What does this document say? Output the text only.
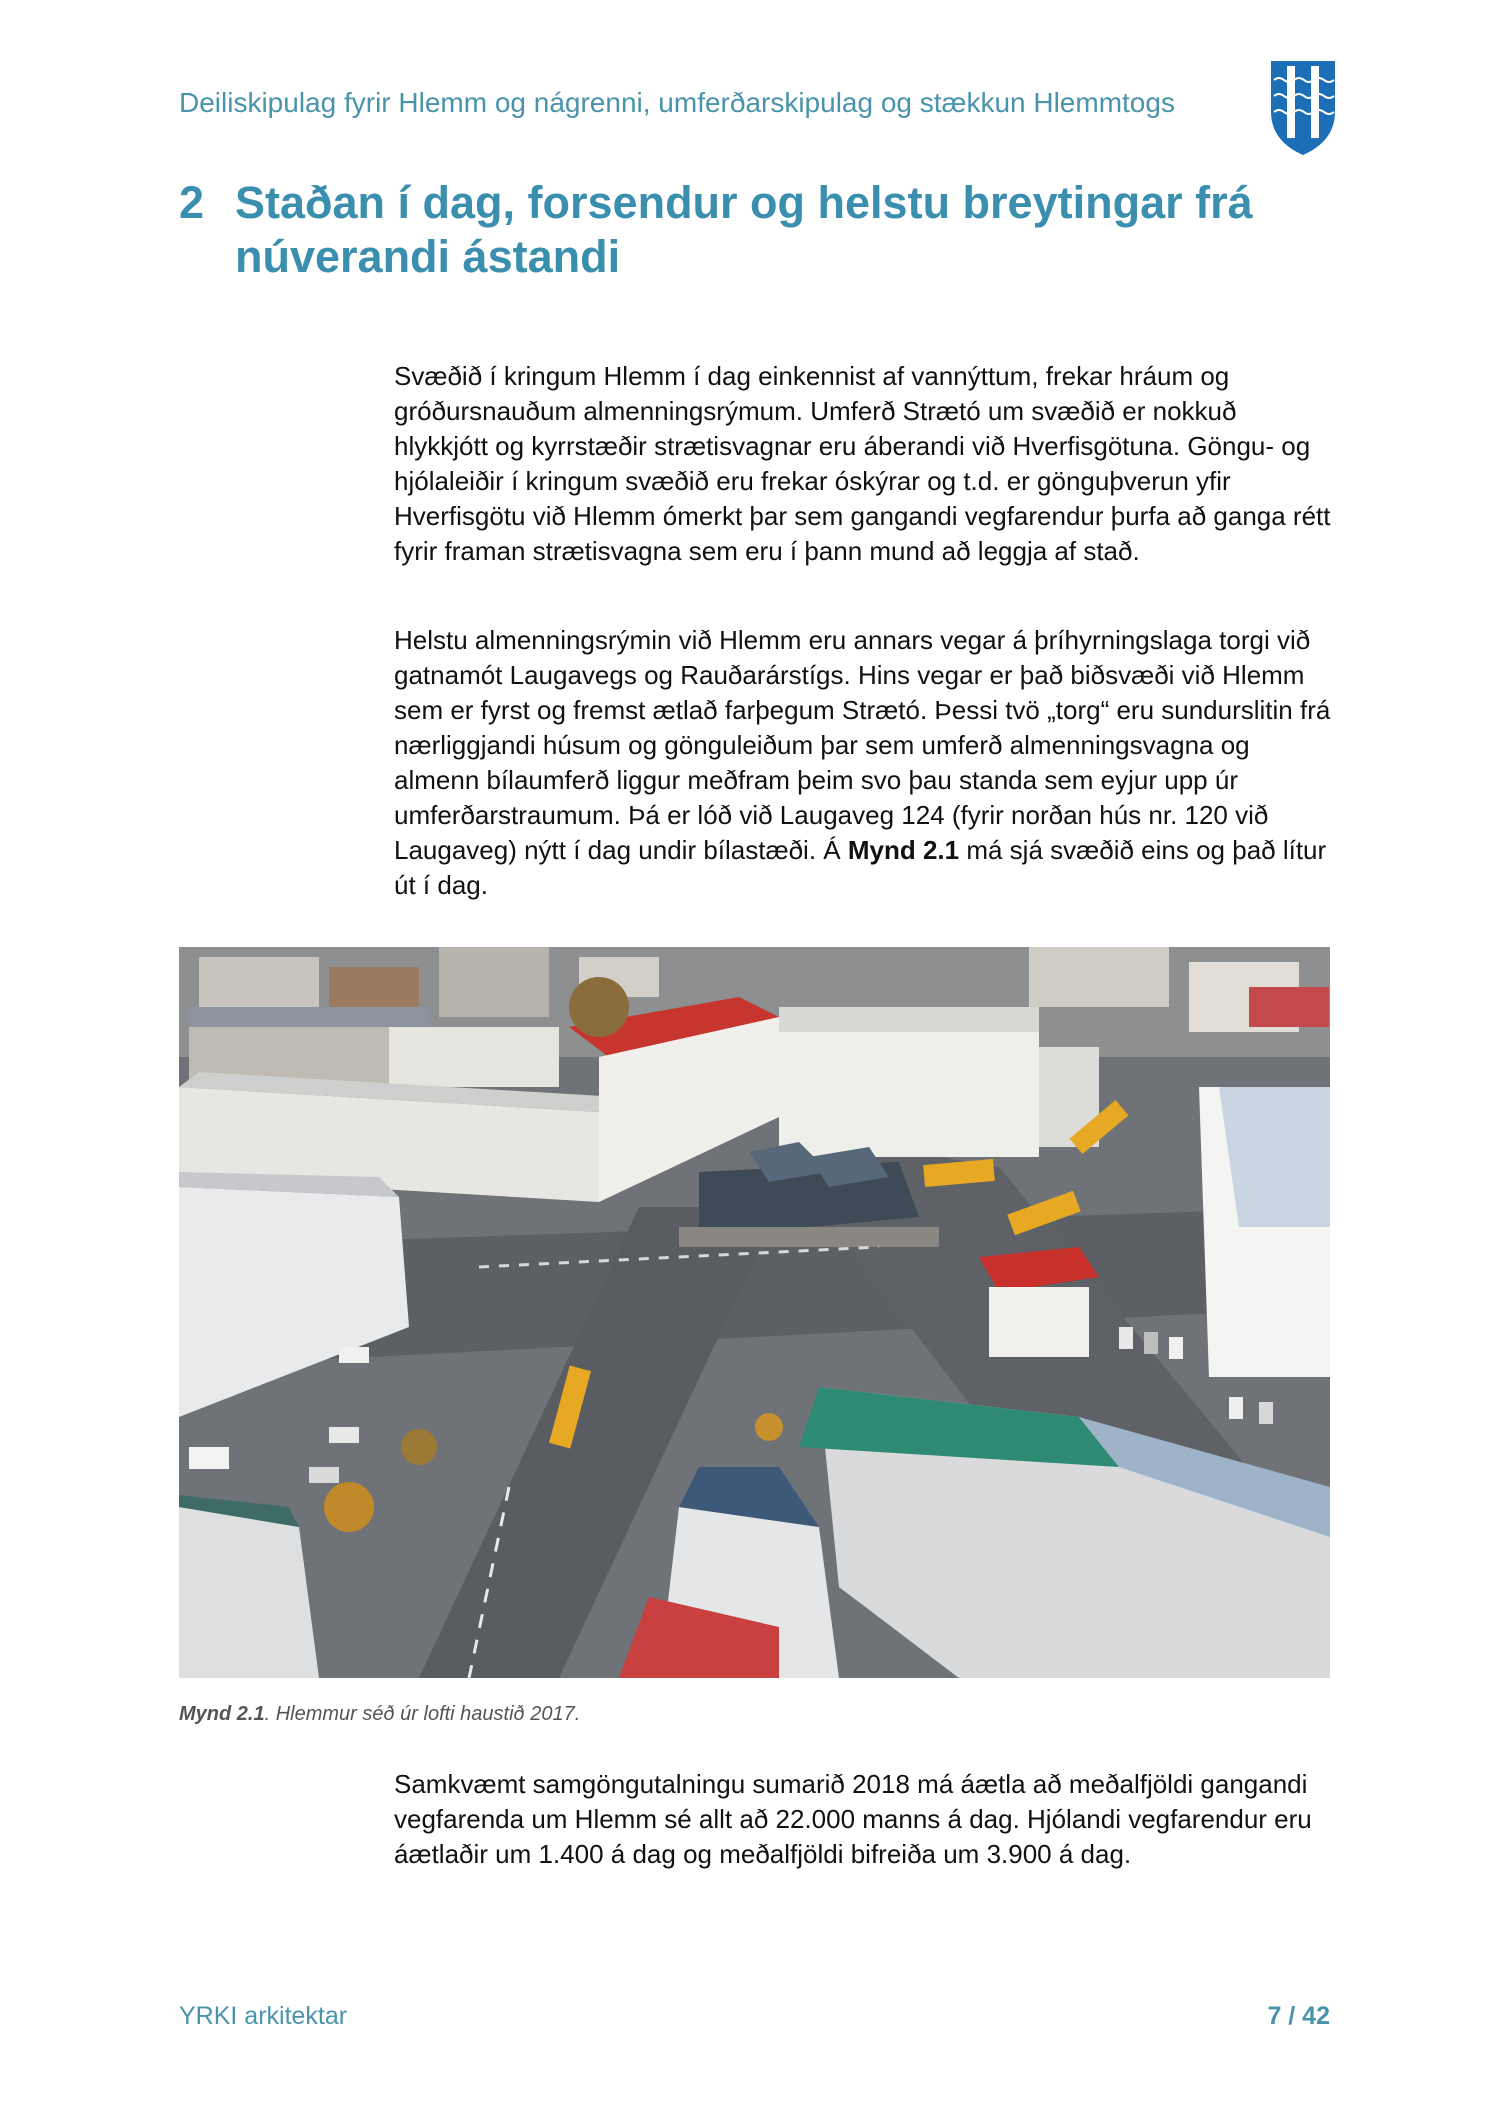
Deiliskipulag fyrir Hlemm og nágrenni, umferðarskipulag og stækkun Hlemmtogs
2 Staðan í dag, forsendur og helstu breytingar frá núverandi ástandi

Svæðið í kringum Hlemm í dag einkennist af vannýttum, frekar hráum og gróðursnauðum almenningsrýmum. Umferð Strætó um svæðið er nokkuð hlykkjótt og kyrrstæðir strætisvagnar eru áberandi við Hverfisgötuna. Göngu- og hjólaleiðir í kringum svæðið eru frekar óskýrar og t.d. er gönguþverun yfir Hverfisgötu við Hlemm ómerkt þar sem gangandi vegfarendur þurfa að ganga rétt fyrir framan strætisvagna sem eru í þann mund að leggja af stað.

Helstu almenningsrýmin við Hlemm eru annars vegar á þríhyrningslaga torgi við gatnamót Laugavegs og Rauðarárstígs. Hins vegar er það biðsvæði við Hlemm sem er fyrst og fremst ætlað farþegum Strætó. Þessi tvö „torg“ eru sundurslitin frá nærliggjandi húsum og gönguleiðum þar sem umferð almenningsvagna og almenn bílaumferð liggur meðfram þeim svo þau standa sem eyjur upp úr umferðarstraumum. Þá er lóð við Laugaveg 124 (fyrir norðan hús nr. 120 við Laugaveg) nýtt í dag undir bílastæði. Á Mynd 2.1 má sjá svæðið eins og það lítur út í dag.

Mynd 2.1. Hlemmur séð úr lofti haustið 2017.

Samkvæmt samgöngutalningu sumarið 2018 má áætla að meðalfjöldi gangandi vegfarenda um Hlemm sé allt að 22.000 manns á dag. Hjólandi vegfarendur eru áætlaðir um 1.400 á dag og meðalfjöldi bifreiða um 3.900 á dag.

YRKI arkitektar	7 / 42
